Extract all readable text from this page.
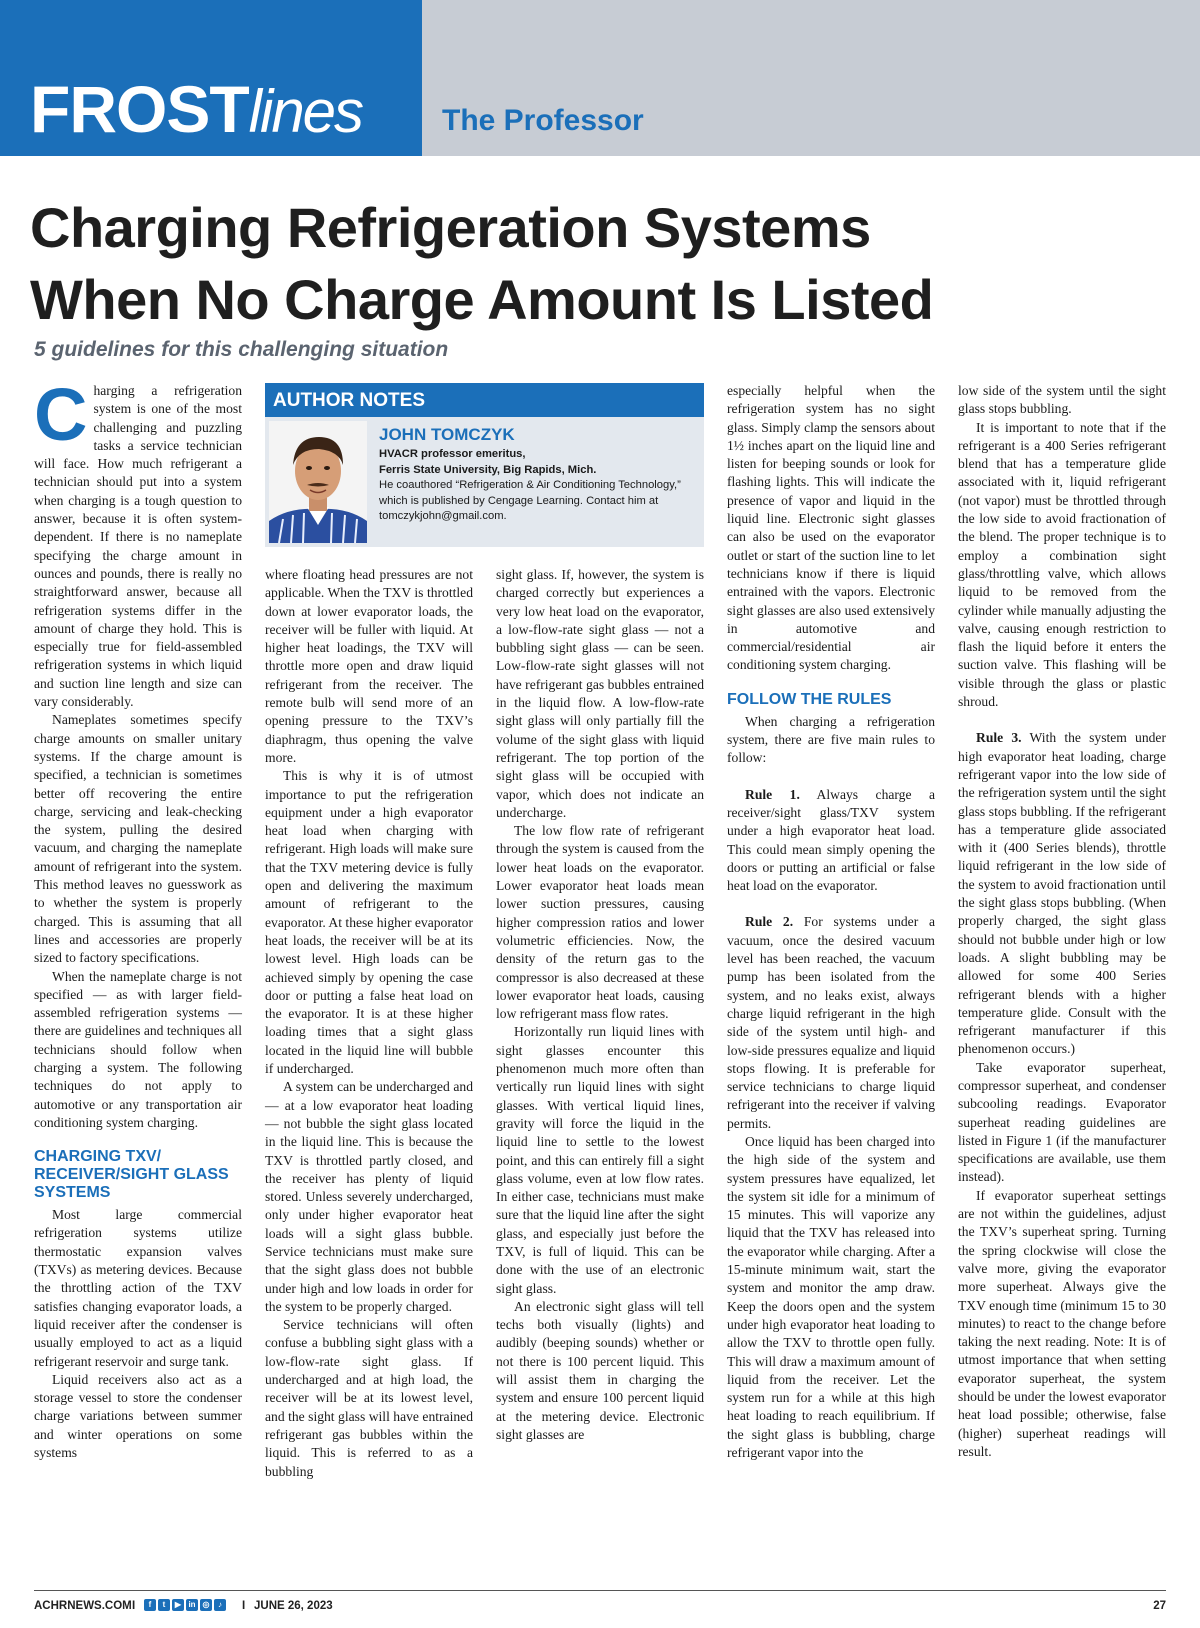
FROSTlines	The Professor
Charging Refrigeration Systems
When No Charge Amount Is Listed
5 guidelines for this challenging situation

Charging a refrigeration system is one of the most challenging and puzzling tasks a service technician will face. How much refrigerant a technician should put into a system when charging is a tough question to answer, because it is often system-dependent. If there is no nameplate specifying the charge amount in ounces and pounds, there is really no straightforward answer, because all refrigeration systems differ in the amount of charge they hold. This is especially true for field-assembled refrigeration systems in which liquid and suction line length and size can vary considerably.

Nameplates sometimes specify charge amounts on smaller unitary systems. If the charge amount is specified, a technician is sometimes better off recovering the entire charge, servicing and leak-checking the system, pulling the desired vacuum, and charging the nameplate amount of refrigerant into the system. This method leaves no guesswork as to whether the system is properly charged. This is assuming that all lines and accessories are properly sized to factory specifications.

When the nameplate charge is not specified — as with larger field-assembled refrigeration systems — there are guidelines and techniques all technicians should follow when charging a system. The following techniques do not apply to automotive or any transportation air conditioning system charging.

CHARGING TXV/ RECEIVER/SIGHT GLASS SYSTEMS

Most large commercial refrigeration systems utilize thermostatic expansion valves (TXVs) as metering devices. Because the throttling action of the TXV satisfies changing evaporator loads, a liquid receiver after the condenser is usually employed to act as a liquid refrigerant reservoir and surge tank.

Liquid receivers also act as a storage vessel to store the condenser charge variations between summer and winter operations on some systems

AUTHOR NOTES
JOHN TOMCZYK
HVACR professor emeritus,
Ferris State University, Big Rapids, Mich.
He coauthored “Refrigeration & Air Conditioning Technology,” which is published by Cengage Learning. Contact him at tomczykjohn@gmail.com.

where floating head pressures are not applicable. When the TXV is throttled down at lower evaporator loads, the receiver will be fuller with liquid. At higher heat loadings, the TXV will throttle more open and draw liquid refrigerant from the receiver. The remote bulb will send more of an opening pressure to the TXV’s diaphragm, thus opening the valve more.

This is why it is of utmost importance to put the refrigeration equipment under a high evaporator heat load when charging with refrigerant. High loads will make sure that the TXV metering device is fully open and delivering the maximum amount of refrigerant to the evaporator. At these higher evaporator heat loads, the receiver will be at its lowest level. High loads can be achieved simply by opening the case door or putting a false heat load on the evaporator. It is at these higher loading times that a sight glass located in the liquid line will bubble if undercharged.

A system can be undercharged and — at a low evaporator heat loading — not bubble the sight glass located in the liquid line. This is because the TXV is throttled partly closed, and the receiver has plenty of liquid stored. Unless severely undercharged, only under higher evaporator heat loads will a sight glass bubble. Service technicians must make sure that the sight glass does not bubble under high and low loads in order for the system to be properly charged.

Service technicians will often confuse a bubbling sight glass with a low-flow-rate sight glass. If undercharged and at high load, the receiver will be at its lowest level, and the sight glass will have entrained refrigerant gas bubbles within the liquid. This is referred to as a bubbling

sight glass. If, however, the system is charged correctly but experiences a very low heat load on the evaporator, a low-flow-rate sight glass — not a bubbling sight glass — can be seen. Low-flow-rate sight glasses will not have refrigerant gas bubbles entrained in the liquid flow. A low-flow-rate sight glass will only partially fill the volume of the sight glass with liquid refrigerant. The top portion of the sight glass will be occupied with vapor, which does not indicate an undercharge.

The low flow rate of refrigerant through the system is caused from the lower heat loads on the evaporator. Lower evaporator heat loads mean lower suction pressures, causing higher compression ratios and lower volumetric efficiencies. Now, the density of the return gas to the compressor is also decreased at these lower evaporator heat loads, causing low refrigerant mass flow rates.

Horizontally run liquid lines with sight glasses encounter this phenomenon much more often than vertically run liquid lines with sight glasses. With vertical liquid lines, gravity will force the liquid in the liquid line to settle to the lowest point, and this can entirely fill a sight glass volume, even at low flow rates. In either case, technicians must make sure that the liquid line after the sight glass, and especially just before the TXV, is full of liquid. This can be done with the use of an electronic sight glass.

An electronic sight glass will tell techs both visually (lights) and audibly (beeping sounds) whether or not there is 100 percent liquid. This will assist them in charging the system and ensure 100 percent liquid at the metering device. Electronic sight glasses are

especially helpful when the refrigeration system has no sight glass. Simply clamp the sensors about 1½ inches apart on the liquid line and listen for beeping sounds or look for flashing lights. This will indicate the presence of vapor and liquid in the liquid line. Electronic sight glasses can also be used on the evaporator outlet or start of the suction line to let technicians know if there is liquid entrained with the vapors. Electronic sight glasses are also used extensively in automotive and commercial/residential air conditioning system charging.

FOLLOW THE RULES

When charging a refrigeration system, there are five main rules to follow:

Rule 1. Always charge a receiver/sight glass/TXV system under a high evaporator heat load. This could mean simply opening the doors or putting an artificial or false heat load on the evaporator.

Rule 2. For systems under a vacuum, once the desired vacuum level has been reached, the vacuum pump has been isolated from the system, and no leaks exist, always charge liquid refrigerant in the high side of the system until high- and low-side pressures equalize and liquid stops flowing. It is preferable for service technicians to charge liquid refrigerant into the receiver if valving permits.

Once liquid has been charged into the high side of the system and system pressures have equalized, let the system sit idle for a minimum of 15 minutes. This will vaporize any liquid that the TXV has released into the evaporator while charging. After a 15-minute minimum wait, start the system and monitor the amp draw. Keep the doors open and the system under high evaporator heat loading to allow the TXV to throttle open fully. This will draw a maximum amount of liquid from the receiver. Let the system run for a while at this high heat loading to reach equilibrium. If the sight glass is bubbling, charge refrigerant vapor into the

low side of the system until the sight glass stops bubbling.

It is important to note that if the refrigerant is a 400 Series refrigerant blend that has a temperature glide associated with it, liquid refrigerant (not vapor) must be throttled through the low side to avoid fractionation of the blend. The proper technique is to employ a combination sight glass/throttling valve, which allows liquid to be removed from the cylinder while manually adjusting the valve, causing enough restriction to flash the liquid before it enters the suction valve. This flashing will be visible through the glass or plastic shroud.

Rule 3. With the system under high evaporator heat loading, charge refrigerant vapor into the low side of the refrigeration system until the sight glass stops bubbling. If the refrigerant has a temperature glide associated with it (400 Series blends), throttle liquid refrigerant in the low side of the system to avoid fractionation until the sight glass stops bubbling. (When properly charged, the sight glass should not bubble under high or low loads. A slight bubbling may be allowed for some 400 Series refrigerant blends with a higher temperature glide. Consult with the refrigerant manufacturer if this phenomenon occurs.)

Take evaporator superheat, compressor superheat, and condenser subcooling readings. Evaporator superheat reading guidelines are listed in Figure 1 (if the manufacturer specifications are available, use them instead).

If evaporator superheat settings are not within the guidelines, adjust the TXV’s superheat spring. Turning the spring clockwise will close the valve more, giving the evaporator more superheat. Always give the TXV enough time (minimum 15 to 30 minutes) to react to the change before taking the next reading. Note: It is of utmost importance that when setting evaporator superheat, the system should be under the lowest evaporator heat load possible; otherwise, false (higher) superheat readings will result.

ACHRNEWS.COM I	f	t	▶ in ◎	♪	I JUNE 26, 2023	27
